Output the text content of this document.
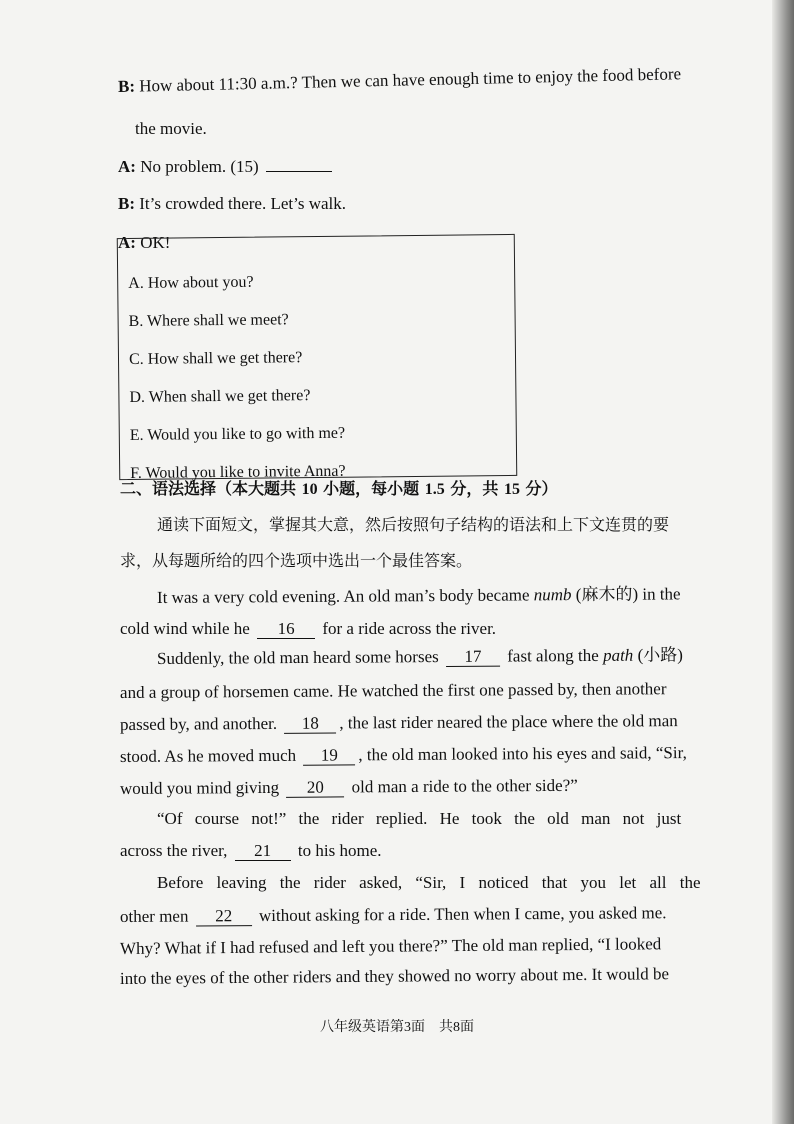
B: How about 11:30 a.m.? Then we can have enough time to enjoy the food before
the movie.
A: No problem. (15)
B: It’s crowded there. Let’s walk.
A: OK!
A. How about you?
B. Where shall we meet?
C. How shall we get there?
D. When shall we get there?
E. Would you like to go with me?
F. Would you like to invite Anna?
二、语法选择（本大题共 10 小题，每小题 1.5 分，共 15 分）
通读下面短文，掌握其大意，然后按照句子结构的语法和上下文连贯的要
求，从每题所给的四个选项中选出一个最佳答案。
It was a very cold evening. An old man’s body became numb (麻木的) in the
cold wind while he 16 for a ride across the river.
Suddenly, the old man heard some horses 17 fast along the path (小路)
and a group of horsemen came. He watched the first one passed by, then another
passed by, and another. 18 , the last rider neared the place where the old man
stood. As he moved much 19 , the old man looked into his eyes and said, “Sir,
would you mind giving 20 old man a ride to the other side?”
“Of course not!” the rider replied. He took the old man not just
across the river, 21 to his home.
Before leaving the rider asked, “Sir, I noticed that you let all the
other men 22 without asking for a ride. Then when I came, you asked me.
Why? What if I had refused and left you there?” The old man replied, “I looked
into the eyes of the other riders and they showed no worry about me. It would be
八年级英语第3面　共8面
